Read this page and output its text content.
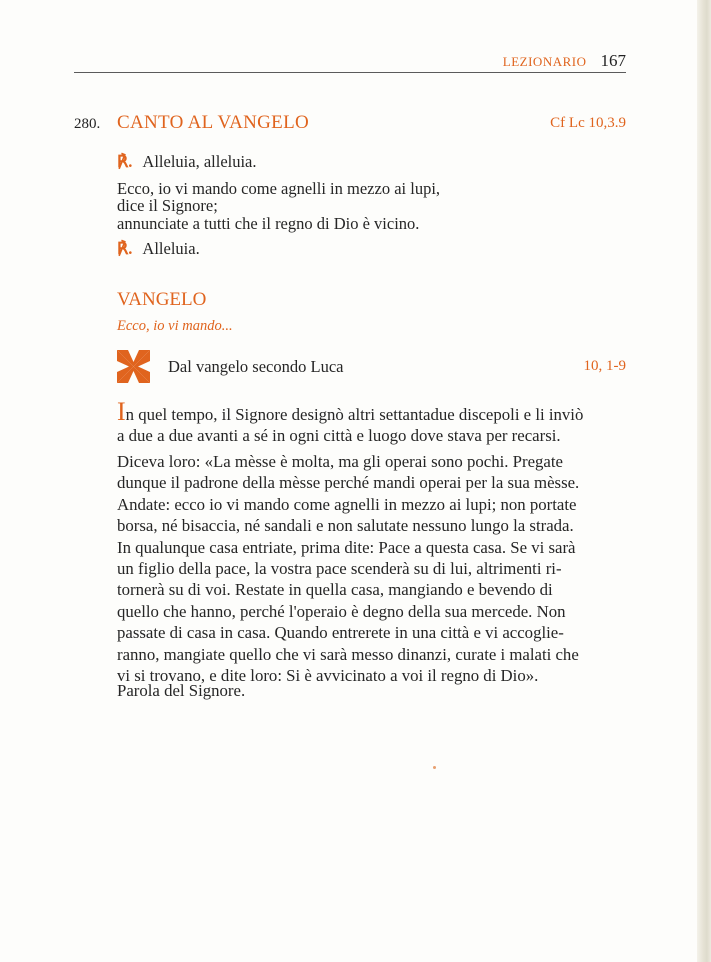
LEZIONARIO 167
280. CANTO AL VANGELO	Cf Lc 10,3.9
℟. Alleluia, alleluia.
Ecco, io vi mando come agnelli in mezzo ai lupi,
dice il Signore;
annunciate a tutti che il regno di Dio è vicino.
℟. Alleluia.
VANGELO
Ecco, io vi mando...
Dal vangelo secondo Luca	10, 1-9
In quel tempo, il Signore designò altri settantadue discepoli e li inviò
a due a due avanti a sé in ogni città e luogo dove stava per recarsi.
Diceva loro: «La mèsse è molta, ma gli operai sono pochi. Pregate
dunque il padrone della mèsse perché mandi operai per la sua mèsse.
Andate: ecco io vi mando come agnelli in mezzo ai lupi; non portate
borsa, né bisaccia, né sandali e non salutate nessuno lungo la strada.
In qualunque casa entriate, prima dite: Pace a questa casa. Se vi sarà
un figlio della pace, la vostra pace scenderà su di lui, altrimenti ri-
tornerà su di voi. Restate in quella casa, mangiando e bevendo di
quello che hanno, perché l'operaio è degno della sua mercede. Non
passate di casa in casa. Quando entrerete in una città e vi accoglie-
ranno, mangiate quello che vi sarà messo dinanzi, curate i malati che
vi si trovano, e dite loro: Si è avvicinato a voi il regno di Dio».
Parola del Signore.
